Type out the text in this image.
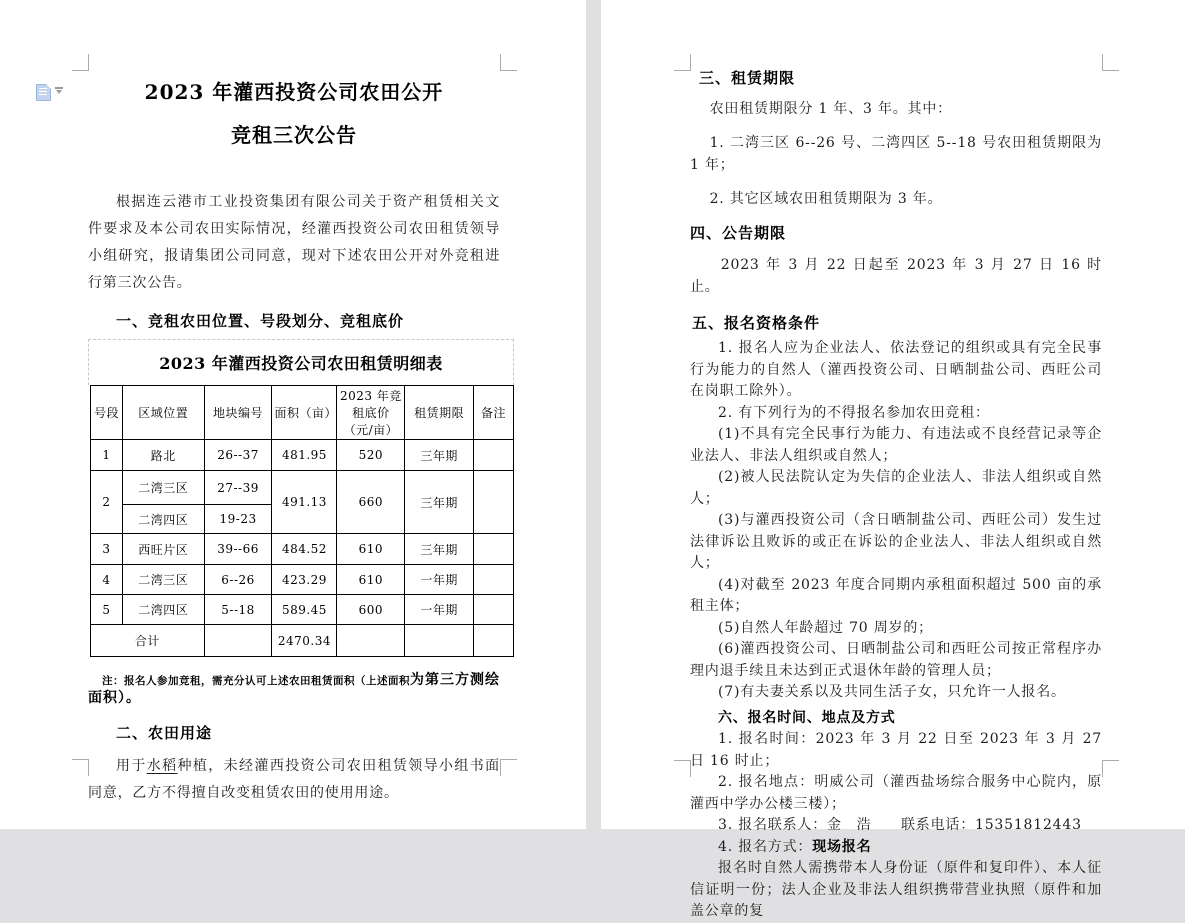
2023 年灌西投资公司农田公开
竞租三次公告

根据连云港市工业投资集团有限公司关于资产租赁相关文件要求及本公司农田实际情况，经灌西投资公司农田租赁领导小组研究，报请集团公司同意，现对下述农田公开对外竞租进行第三次公告。

一、竞租农田位置、号段划分、竞租底价

2023 年灌西投资公司农田租赁明细表
号段	区域位置	地块编号	面积（亩）	2023 年竞租底价（元/亩）	租赁期限	备注
1	路北	26--37	481.95	520	三年期	
2	二湾三区	27--39	491.13	660	三年期	
	二湾四区	19-23				
3	西旺片区	39--66	484.52	610	三年期	
4	二湾三区	6--26	423.29	610	一年期	
5	二湾四区	5--18	589.45	600	一年期	
合计			2470.34			

注：报名人参加竞租，需充分认可上述农田租赁面积（上述面积为第三方测绘面积）。

二、农田用途

用于水稻种植，未经灌西投资公司农田租赁领导小组书面同意，乙方不得擅自改变租赁农田的使用用途。

三、租赁期限

农田租赁期限分 1 年、3 年。其中：

1. 二湾三区 6--26 号、二湾四区 5--18 号农田租赁期限为 1 年；

2. 其它区域农田租赁期限为 3 年。

四、公告期限

2023 年 3 月 22 日起至 2023 年 3 月 27 日 16 时止。

五、报名资格条件

1. 报名人应为企业法人、依法登记的组织或具有完全民事行为能力的自然人（灌西投资公司、日晒制盐公司、西旺公司在岗职工除外）。

2. 有下列行为的不得报名参加农田竞租：

(1)不具有完全民事行为能力、有违法或不良经营记录等企业法人、非法人组织或自然人；

(2)被人民法院认定为失信的企业法人、非法人组织或自然人；

(3)与灌西投资公司（含日晒制盐公司、西旺公司）发生过法律诉讼且败诉的或正在诉讼的企业法人、非法人组织或自然人；

(4)对截至 2023 年度合同期内承租面积超过 500 亩的承租主体；

(5)自然人年龄超过 70 周岁的；

(6)灌西投资公司、日晒制盐公司和西旺公司按正常程序办理内退手续且未达到正式退休年龄的管理人员；

(7)有夫妻关系以及共同生活子女，只允许一人报名。

六、报名时间、地点及方式

1. 报名时间：2023 年 3 月 22 日至 2023 年 3 月 27 日 16 时止；

2. 报名地点：明威公司（灌西盐场综合服务中心院内，原灌西中学办公楼三楼）；

3. 报名联系人：金　浩　　联系电话：15351812443

4. 报名方式：现场报名

报名时自然人需携带本人身份证（原件和复印件）、本人征信证明一份；法人企业及非法人组织携带营业执照（原件和加盖公章的复
